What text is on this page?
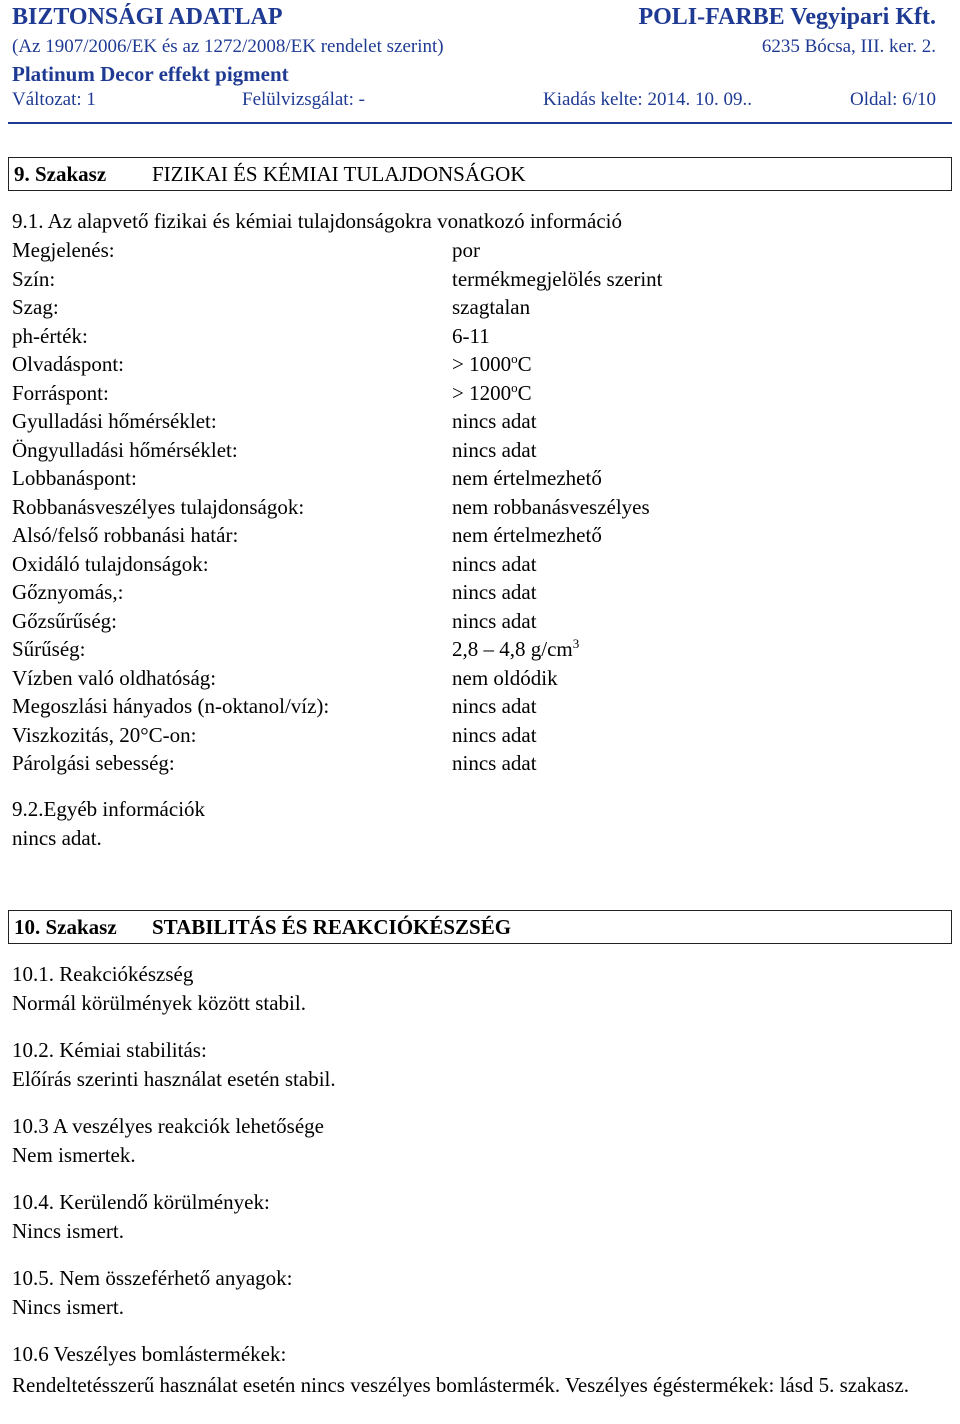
BIZTONSÁGI ADATLAP	POLI-FARBE Vegyipari Kft.
(Az 1907/2006/EK és az 1272/2008/EK rendelet szerint)	6235 Bócsa, III. ker. 2.
Platinum Decor effekt pigment
Változat: 1	Felülvizsgálat: -	Kiadás kelte: 2014. 10. 09..	Oldal: 6/10
9. Szakasz FIZIKAI ÉS KÉMIAI TULAJDONSÁGOK
9.1. Az alapvető fizikai és kémiai tulajdonságokra vonatkozó információ
Megjelenés:	por
Szín:	termékmegjelölés szerint
Szag:	szagtalan
ph-érték:	6-11
Olvadáspont:	> $1000^oC$
Forráspont:	> $1200^oC$
Gyulladási hőmérséklet:	nincs adat
Öngyulladási hőmérséklet:	nincs adat
Lobbanáspont:	nem értelmezhető
Robbanásveszélyes tulajdonságok:	nem robbanásveszélyes
Alsó/felső robbanási határ:	nem értelmezhető
Oxidáló tulajdonságok:	nincs adat
Gőznyomás,:	nincs adat
Gőzsűrűség:	nincs adat
Sűrűség:	2,8 – 4,8 $g/cm^3$
Vízben való oldhatóság:	nem oldódik
Megoszlási hányados (n-oktanol/víz):	nincs adat
Viszkozitás, 20°C-on:	nincs adat
Párolgási sebesség:	nincs adat
9.2.Egyéb információk
nincs adat.
10. Szakasz STABILITÁS ÉS REAKCIÓKÉSZSÉG
10.1. Reakciókészség
Normál körülmények között stabil.
10.2. Kémiai stabilitás:
Előírás szerinti használat esetén stabil.
10.3 A veszélyes reakciók lehetősége
Nem ismertek.
10.4. Kerülendő körülmények:
Nincs ismert.
10.5. Nem összeférhető anyagok:
Nincs ismert.
10.6 Veszélyes bomlástermékek:
Rendeltetésszerű használat esetén nincs veszélyes bomlástermék. Veszélyes égéstermékek: lásd 5. szakasz.
